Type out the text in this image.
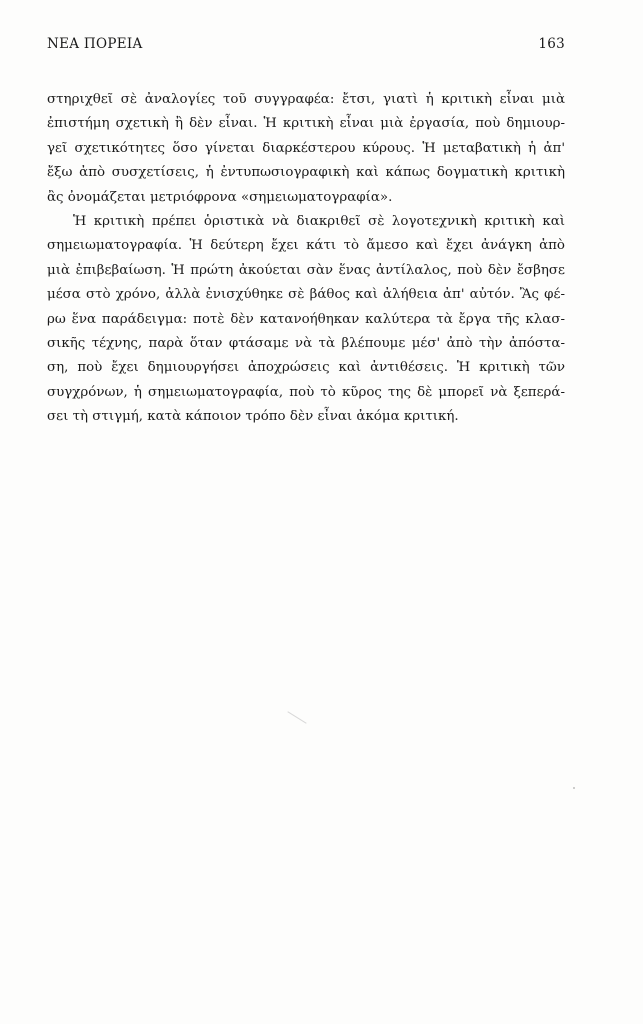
ΝΕΑ ΠΟΡΕΙΑ	163
στηριχθεῖ σὲ ἀναλογίες τοῦ συγγραφέα: ἔτσι, γιατὶ ἡ κριτικὴ εἶναι μιὰ
ἐπιστήμη σχετικὴ ἢ δὲν εἶναι. Ἡ κριτικὴ εἶναι μιὰ ἐργασία, ποὺ δημιουρ-
γεῖ σχετικότητες ὅσο γίνεται διαρκέστερου κύρους. Ἡ μεταβατικὴ ἡ ἀπ'
ἔξω ἀπὸ συσχετίσεις, ἡ ἐντυπωσιογραφικὴ καὶ κάπως δογματικὴ κριτικὴ
ἂς ὀνομάζεται μετριόφρονα «σημειωματογραφία».
Ἡ κριτικὴ πρέπει ὁριστικὰ νὰ διακριθεῖ σὲ λογοτεχνικὴ κριτικὴ καὶ
σημειωματογραφία. Ἡ δεύτερη ἔχει κάτι τὸ ἄμεσο καὶ ἔχει ἀνάγκη ἀπὸ
μιὰ ἐπιβεβαίωση. Ἡ πρώτη ἀκούεται σὰν ἕνας ἀντίλαλος, ποὺ δὲν ἔσβησε
μέσα στὸ χρόνο, ἀλλὰ ἐνισχύθηκε σὲ βάθος καὶ ἀλήθεια ἀπ' αὐτόν. Ἂς φέ-
ρω ἕνα παράδειγμα: ποτὲ δὲν κατανοήθηκαν καλύτερα τὰ ἔργα τῆς κλασ-
σικῆς τέχνης, παρὰ ὅταν φτάσαμε νὰ τὰ βλέπουμε μέσ' ἀπὸ τὴν ἀπόστα-
ση, ποὺ ἔχει δημιουργήσει ἀποχρώσεις καὶ ἀντιθέσεις. Ἡ κριτικὴ τῶν
συγχρόνων, ἡ σημειωματογραφία, ποὺ τὸ κῦρος της δὲ μπορεῖ νὰ ξεπερά-
σει τὴ στιγμή, κατὰ κάποιον τρόπο δὲν εἶναι ἀκόμα κριτική.
